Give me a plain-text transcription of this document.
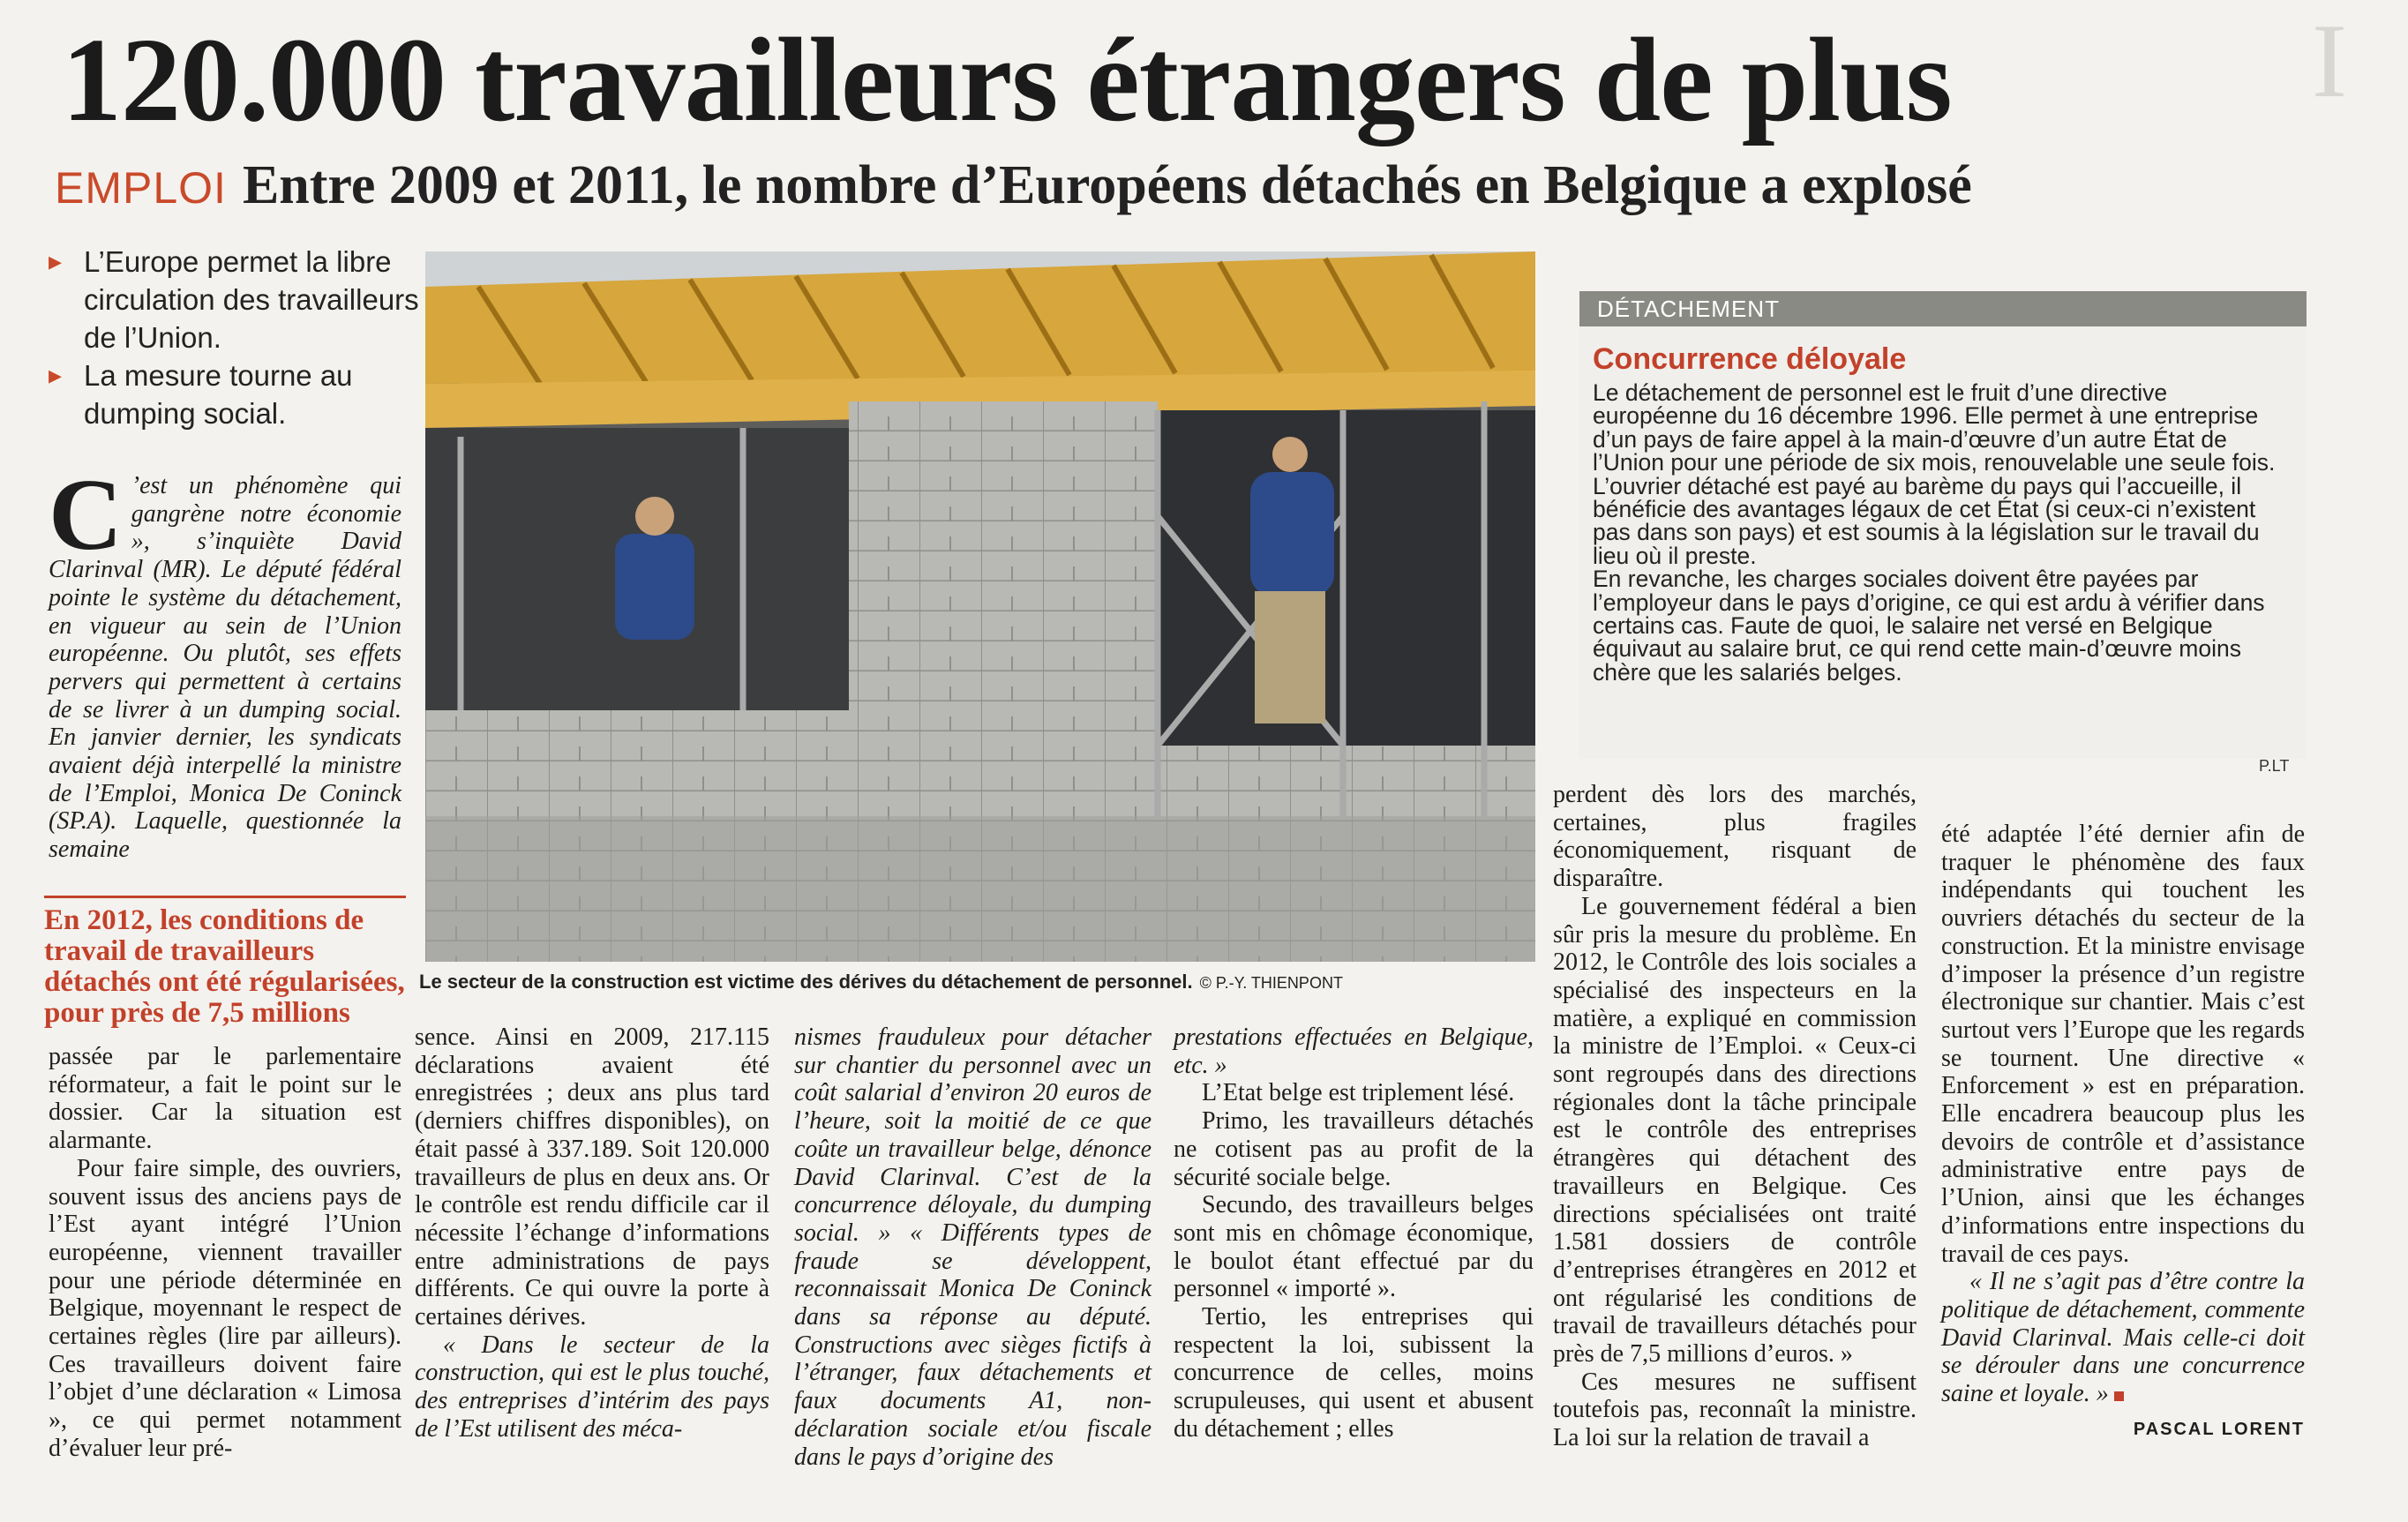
I
120.000 travailleurs étrangers de plus
EMPLOI Entre 2009 et 2011, le nombre d’Européens détachés en Belgique a explosé
▸ L’Europe permet la libre circulation des travailleurs de l’Union.
▸ La mesure tourne au dumping social.
C ’est un phénomène qui gangrène notre économie », s’inquiète David Clarinval (MR). Le député fédéral pointe le système du détachement, en vigueur au sein de l’Union européenne. Ou plutôt, ses effets pervers qui permettent à certains de se livrer à un dumping social. En janvier dernier, les syndicats avaient déjà interpellé la ministre de l’Emploi, Monica De Coninck (SP.A). Laquelle, questionnée la semaine
En 2012, les conditions de travail de travailleurs détachés ont été régularisées, pour près de 7,5 millions

passée par le parlementaire réformateur, a fait le point sur le dossier. Car la situation est alarmante.

Pour faire simple, des ouvriers, souvent issus des anciens pays de l’Est ayant intégré l’Union européenne, viennent travailler pour une période déterminée en Belgique, moyennant le respect de certaines règles (lire par ailleurs). Ces travailleurs doivent faire l’objet d’une déclaration « Limosa », ce qui permet notamment d’évaluer leur pré-

Le secteur de la construction est victime des dérives du détachement de personnel. © P.-Y. THIENPONT
DÉTACHEMENT
Concurrence déloyale

Le détachement de personnel est le fruit d’une directive européenne du 16 décembre 1996. Elle permet à une entreprise d’un pays de faire appel à la main-d’œuvre d’un autre État de l’Union pour une période de six mois, renouvelable une seule fois.

L’ouvrier détaché est payé au barème du pays qui l’accueille, il bénéficie des avantages légaux de cet État (si ceux-ci n’existent pas dans son pays) et est soumis à la législation sur le travail du lieu où il preste.

En revanche, les charges sociales doivent être payées par l’employeur dans le pays d’origine, ce qui est ardu à vérifier dans certains cas. Faute de quoi, le salaire net versé en Belgique équivaut au salaire brut, ce qui rend cette main-d’œuvre moins chère que les salariés belges.

P.LT

sence. Ainsi en 2009, 217.115 déclarations avaient été enregistrées ; deux ans plus tard (derniers chiffres disponibles), on était passé à 337.189. Soit 120.000 travailleurs de plus en deux ans. Or le contrôle est rendu difficile car il nécessite l’échange d’informations entre administrations de pays différents. Ce qui ouvre la porte à certaines dérives.

« Dans le secteur de la construction, qui est le plus touché, des entreprises d’intérim des pays de l’Est utilisent des méca-

nismes frauduleux pour détacher sur chantier du personnel avec un coût salarial d’environ 20 euros de l’heure, soit la moitié de ce que coûte un travailleur belge, dénonce David Clarinval. C’est de la concurrence déloyale, du dumping social. » « Différents types de fraude se développent, reconnaissait Monica De Coninck dans sa réponse au député. Constructions avec sièges fictifs à l’étranger, faux détachements et faux documents A1, non-déclaration sociale et/ou fiscale dans le pays d’origine des

prestations effectuées en Belgique, etc. »

L’Etat belge est triplement lésé.

Primo, les travailleurs détachés ne cotisent pas au profit de la sécurité sociale belge.

Secundo, des travailleurs belges sont mis en chômage économique, le boulot étant effectué par du personnel « importé ».

Tertio, les entreprises qui respectent la loi, subissent la concurrence de celles, moins scrupuleuses, qui usent et abusent du détachement ; elles

perdent dès lors des marchés, certaines, plus fragiles économiquement, risquant de disparaître.

Le gouvernement fédéral a bien sûr pris la mesure du problème. En 2012, le Contrôle des lois sociales a spécialisé des inspecteurs en la matière, a expliqué en commission la ministre de l’Emploi. « Ceux-ci sont regroupés dans des directions régionales dont la tâche principale est le contrôle des entreprises étrangères qui détachent des travailleurs en Belgique. Ces directions spécialisées ont traité 1.581 dossiers de contrôle d’entreprises étrangères en 2012 et ont régularisé les conditions de travail de travailleurs détachés pour près de 7,5 millions d’euros. »

Ces mesures ne suffisent toutefois pas, reconnaît la ministre. La loi sur la relation de travail a

été adaptée l’été dernier afin de traquer le phénomène des faux indépendants qui touchent les ouvriers détachés du secteur de la construction. Et la ministre envisage d’imposer la présence d’un registre électronique sur chantier. Mais c’est surtout vers l’Europe que les regards se tournent. Une directive « Enforcement » est en préparation. Elle encadrera beaucoup plus les devoirs de contrôle et d’assistance administrative entre pays de l’Union, ainsi que les échanges d’informations entre inspections du travail de ces pays.

« Il ne s’agit pas d’être contre la politique de détachement, commente David Clarinval. Mais celle-ci doit se dérouler dans une concurrence saine et loyale. »

PASCAL LORENT
